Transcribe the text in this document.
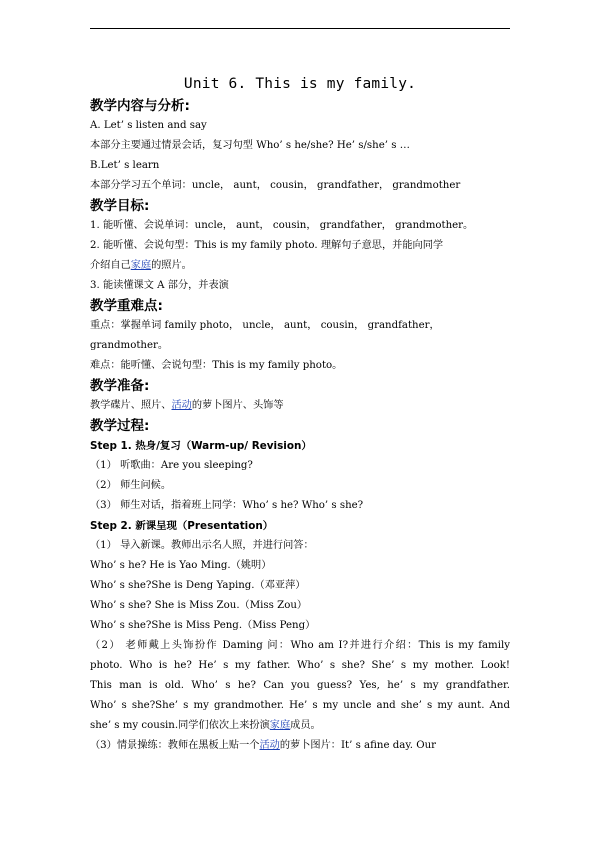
Unit 6. This is my family.
教学内容与分析:
A. Let’ s listen and say
本部分主要通过情景会话，复习句型 Who’ s he/she? He’ s/she’ s …
B.Let’ s learn
本部分学习五个单词：uncle， aunt， cousin， grandfather， grandmother
教学目标:
1. 能听懂、会说单词：uncle， aunt， cousin， grandfather， grandmother。
2. 能听懂、会说句型：This is my family photo. 理解句子意思，并能向同学
介绍自己家庭的照片。
3. 能读懂课文 A 部分，并表演
教学重难点:
重点：掌握单词 family photo， uncle， aunt， cousin， grandfather，
grandmother。
难点：能听懂、会说句型：This is my family photo。
教学准备:
教学碟片、照片、活动的萝卜图片、头饰等
教学过程:
Step 1. 热身/复习（Warm-up/ Revision）
（1） 听歌曲：Are you sleeping?
（2） 师生问候。
（3） 师生对话，指着班上同学：Who’ s he? Who’ s she?
Step 2. 新课呈现（Presentation）
（1） 导入新课。教师出示名人照，并进行问答：
Who’ s he? He is Yao Ming.（姚明）
Who’ s she?She is Deng Yaping.（邓亚萍）
Who’ s she? She is Miss Zou.（Miss Zou）
Who’ s she?She is Miss Peng.（Miss Peng）
（2） 老师戴上头饰扮作 Daming 问：Who am I?并进行介绍：This is my family
photo. Who is he? He’ s my father. Who’ s she? She’ s my mother. Look!
This man is old. Who’ s he? Can you guess? Yes, he’ s my grandfather.
Who’ s she?She’ s my grandmother. He’ s my uncle and she’ s my aunt. And
she’ s my cousin.同学们依次上来扮演家庭成员。
（3）情景操练：教师在黑板上贴一个活动的萝卜图片：It’ s afine day. Our
